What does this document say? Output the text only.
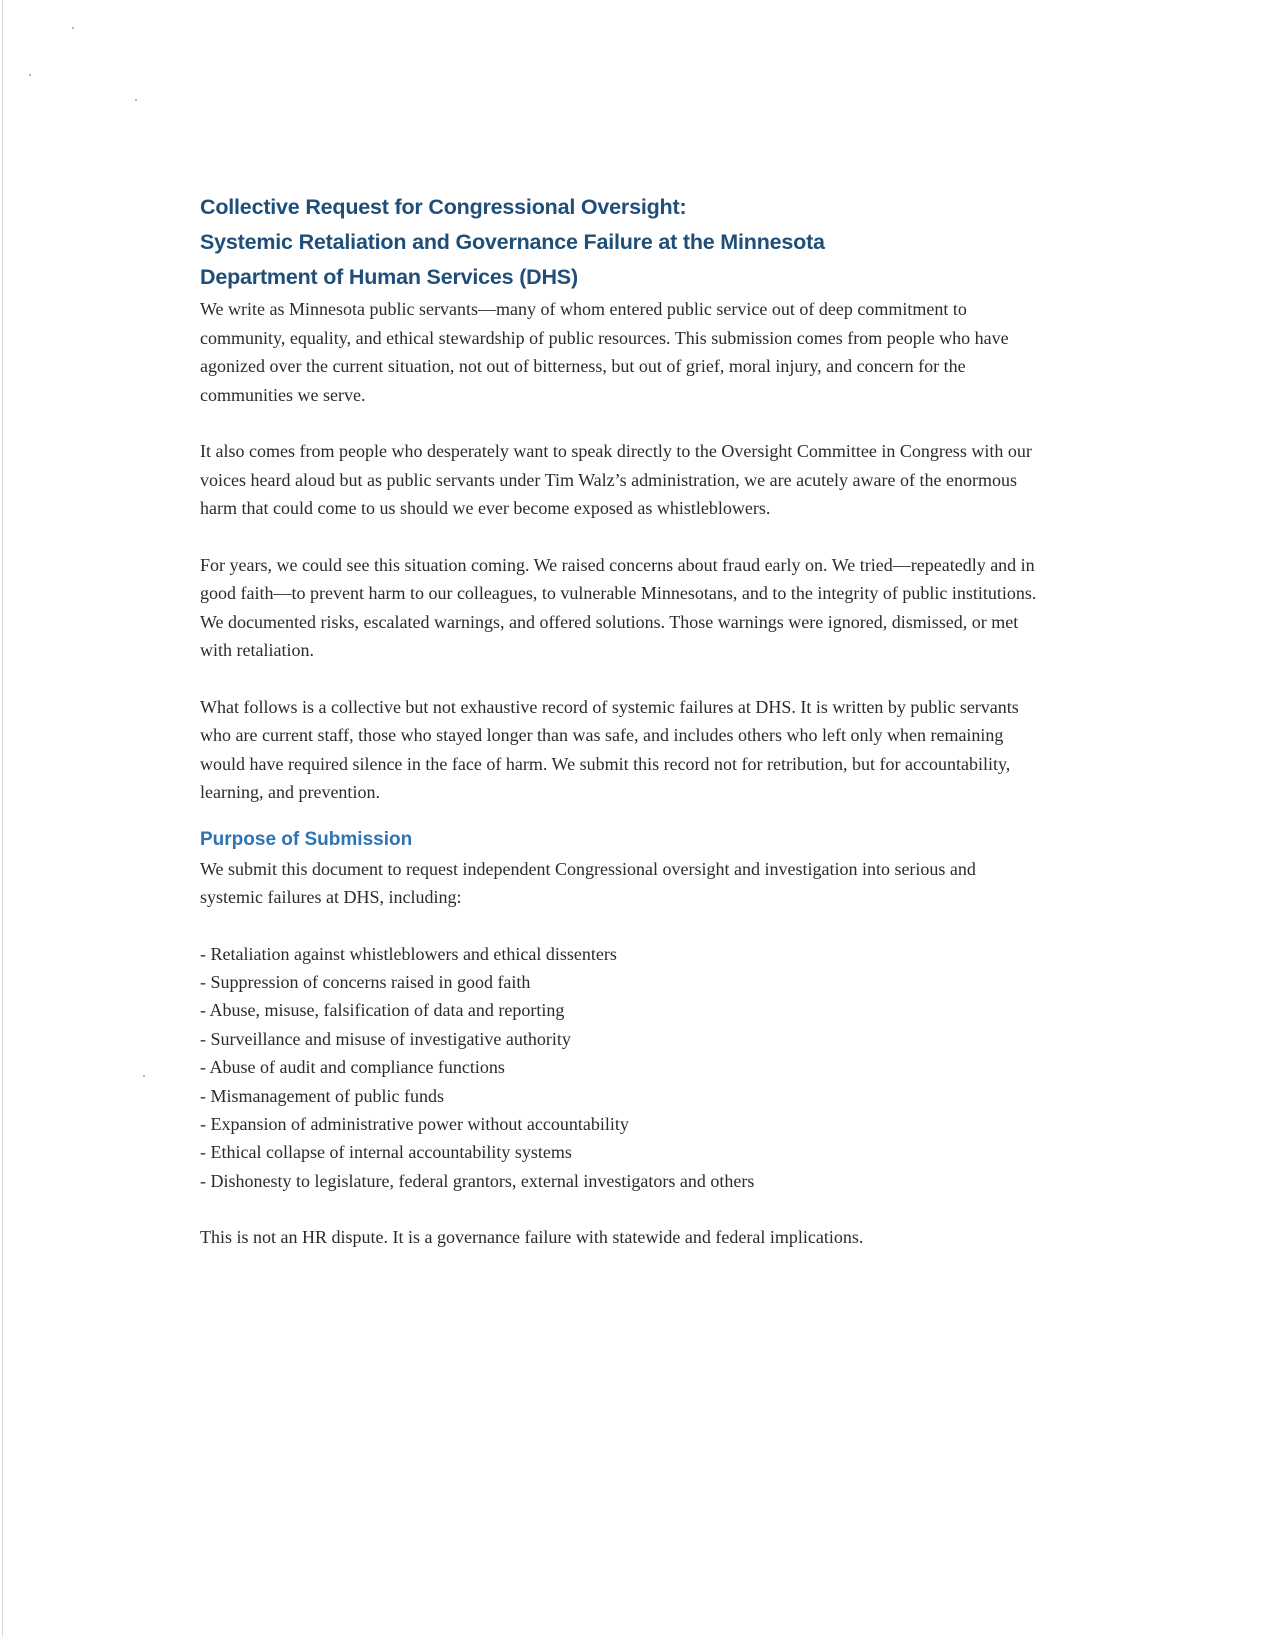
Collective Request for Congressional Oversight:
Systemic Retaliation and Governance Failure at the Minnesota
Department of Human Services (DHS)

We write as Minnesota public servants—many of whom entered public service out of deep commitment to community, equality, and ethical stewardship of public resources. This submission comes from people who have agonized over the current situation, not out of bitterness, but out of grief, moral injury, and concern for the communities we serve.

It also comes from people who desperately want to speak directly to the Oversight Committee in Congress with our voices heard aloud but as public servants under Tim Walz’s administration, we are acutely aware of the enormous harm that could come to us should we ever become exposed as whistleblowers.

For years, we could see this situation coming. We raised concerns about fraud early on. We tried—repeatedly and in good faith—to prevent harm to our colleagues, to vulnerable Minnesotans, and to the integrity of public institutions. We documented risks, escalated warnings, and offered solutions. Those warnings were ignored, dismissed, or met with retaliation.

What follows is a collective but not exhaustive record of systemic failures at DHS. It is written by public servants who are current staff, those who stayed longer than was safe, and includes others who left only when remaining would have required silence in the face of harm. We submit this record not for retribution, but for accountability, learning, and prevention.

Purpose of Submission

We submit this document to request independent Congressional oversight and investigation into serious and systemic failures at DHS, including:

- Retaliation against whistleblowers and ethical dissenters
- Suppression of concerns raised in good faith
- Abuse, misuse, falsification of data and reporting
- Surveillance and misuse of investigative authority
- Abuse of audit and compliance functions
- Mismanagement of public funds
- Expansion of administrative power without accountability
- Ethical collapse of internal accountability systems
- Dishonesty to legislature, federal grantors, external investigators and others

This is not an HR dispute. It is a governance failure with statewide and federal implications.
